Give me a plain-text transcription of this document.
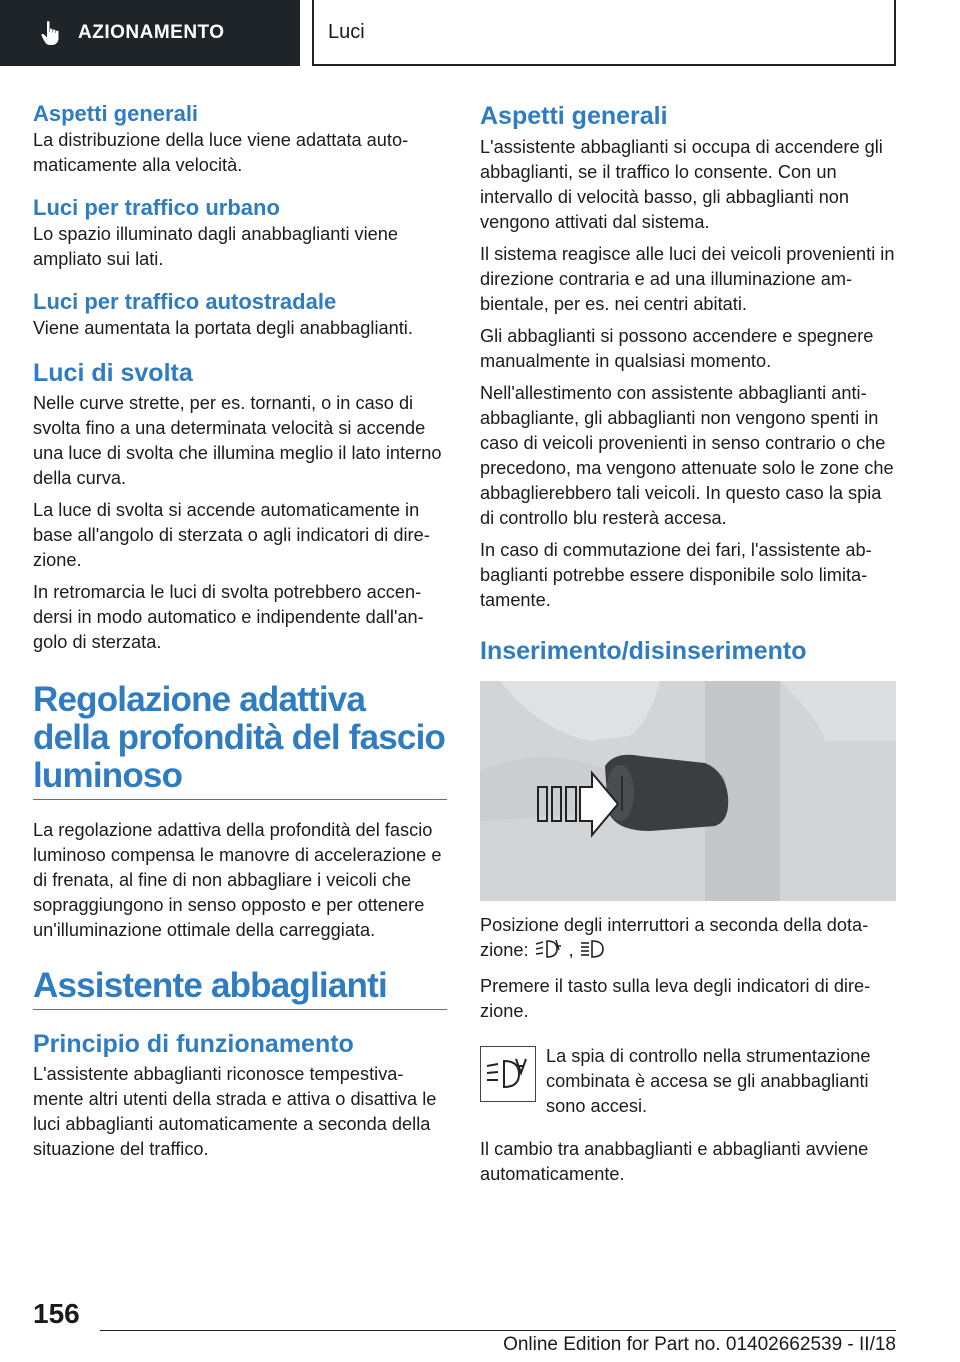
AZIONAMENTO	Luci
Aspetti generali

La distribuzione della luce viene adattata automaticamente alla velocità.

Luci per traffico urbano

Lo spazio illuminato dagli anabbaglianti viene ampliato sui lati.

Luci per traffico autostradale

Viene aumentata la portata degli anabbaglianti.

Luci di svolta

Nelle curve strette, per es. tornanti, o in caso di svolta fino a una determinata velocità si accende una luce di svolta che illumina meglio il lato interno della curva.

La luce di svolta si accende automaticamente in base all'angolo di sterzata o agli indicatori di direzione.

In retromarcia le luci di svolta potrebbero accendersi in modo automatico e indipendente dall'angolo di sterzata.

Regolazione adattiva della profondità del fascio luminoso

La regolazione adattiva della profondità del fascio luminoso compensa le manovre di accelerazione e di frenata, al fine di non abbagliare i veicoli che sopraggiungono in senso opposto e per ottenere un'illuminazione ottimale della carreggiata.

Assistente abbaglianti
Principio di funzionamento

L'assistente abbaglianti riconosce tempestivamente altri utenti della strada e attiva o disattiva le luci abbaglianti automaticamente a seconda della situazione del traffico.

Aspetti generali

L'assistente abbaglianti si occupa di accendere gli abbaglianti, se il traffico lo consente. Con un intervallo di velocità basso, gli abbaglianti non vengono attivati dal sistema.

Il sistema reagisce alle luci dei veicoli provenienti in direzione contraria e ad una illuminazione ambientale, per es. nei centri abitati.

Gli abbaglianti si possono accendere e spegnere manualmente in qualsiasi momento.

Nell'allestimento con assistente abbaglianti antiabbagliante, gli abbaglianti non vengono spenti in caso di veicoli provenienti in senso contrario o che precedono, ma vengono attenuate solo le zone che abbaglierebbero tali veicoli. In questo caso la spia di controllo blu resterà accesa.

In caso di commutazione dei fari, l'assistente abbaglianti potrebbe essere disponibile solo limitatamente.

Inserimento/disinserimento

Posizione degli interruttori a seconda della dotazione: ,

Premere il tasto sulla leva degli indicatori di direzione.

La spia di controllo nella strumentazione combinata è accesa se gli anabbaglianti sono accesi.

Il cambio tra anabbaglianti e abbaglianti avviene automaticamente.

156
Online Edition for Part no. 01402662539 - II/18
